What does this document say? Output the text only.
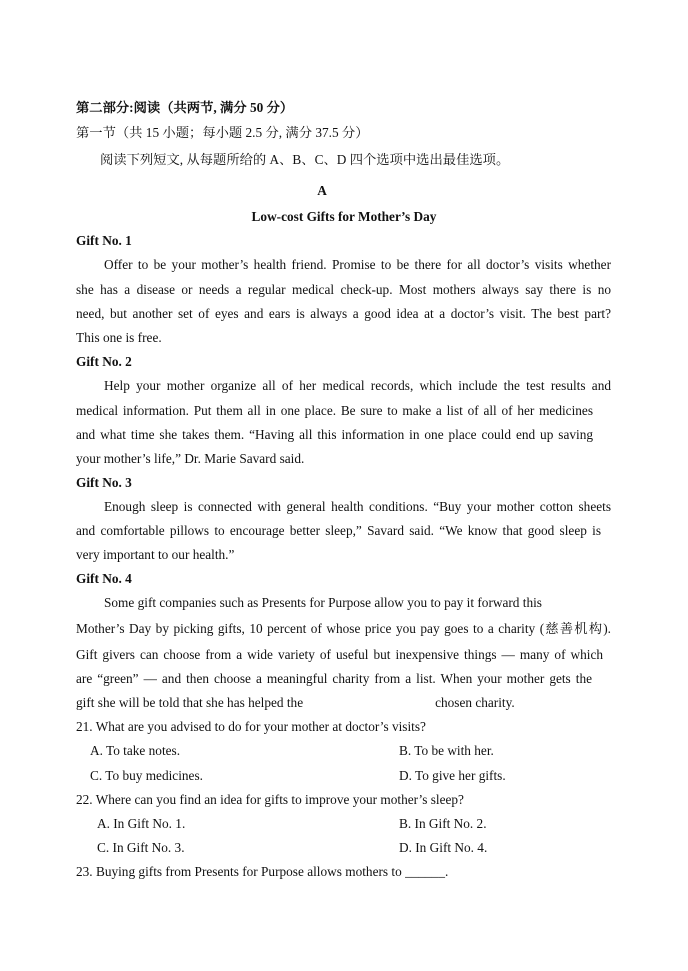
第二部分:阅读（共两节, 满分 50 分）
第一节（共 15 小题；每小题 2.5 分, 满分 37.5 分）
阅读下列短文, 从每题所给的 A、B、C、D 四个选项中选出最佳选项。
A
Low-cost Gifts for Mother’s Day
Gift No. 1
Offer to be your mother’s health friend. Promise to be there for all doctor’s visits whether
she has a disease or needs a regular medical check-up. Most mothers always say there is no
need, but another set of eyes and ears is always a good idea at a doctor’s visit. The best part?
This one is free.
Gift No. 2
Help your mother organize all of her medical records, which include the test results and
medical information. Put them all in one place. Be sure to make a list of all of her medicines
and what time she takes them. “Having all this information in one place could end up saving
your mother’s life,” Dr. Marie Savard said.
Gift No. 3
Enough sleep is connected with general health conditions. “Buy your mother cotton sheets
and comfortable pillows to encourage better sleep,” Savard said. “We know that good sleep is
very important to our health.”
Gift No. 4
Some gift companies such as Presents for Purpose allow you to pay it forward this
Mother’s Day by picking gifts, 10 percent of whose price you pay goes to a charity (慈善机构).
Gift givers can choose from a wide variety of useful but inexpensive things — many of which
are “green” — and then choose a meaningful charity from a list. When your mother gets the
gift she will be told that she has helped the	chosen charity.
21. What are you advised to do for your mother at doctor’s visits?
A. To take notes.	B. To be with her.
C. To buy medicines.	D. To give her gifts.
22. Where can you find an idea for gifts to improve your mother’s sleep?
A. In Gift No. 1.	B. In Gift No. 2.
C. In Gift No. 3.	D. In Gift No. 4.
23. Buying gifts from Presents for Purpose allows mothers to ______.
